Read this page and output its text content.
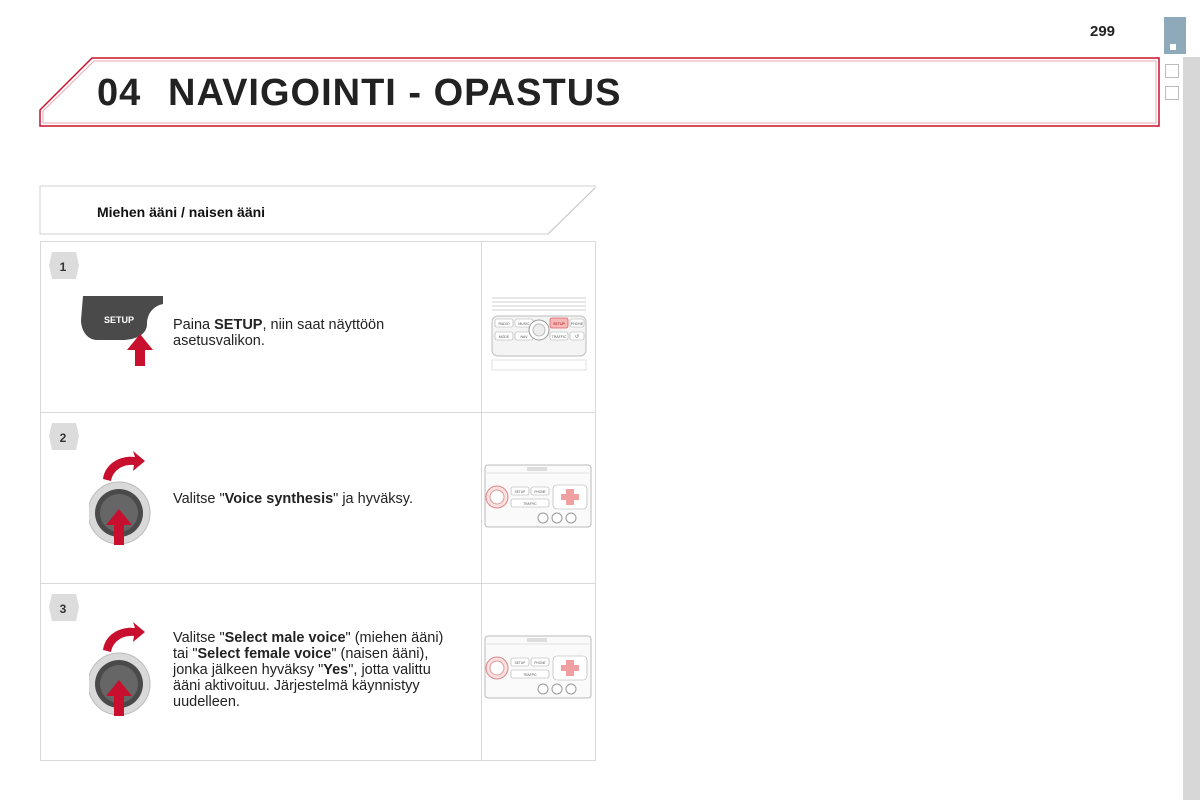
299
04 NAVIGOINTI - OPASTUS
Miehen ääni / naisen ääni
1
SETUP	Paina SETUP, niin saat näyttöön asetusvalikon.
RADIO	MUSIC	SETUP PHONE
MODE	NAV	TRAFFIC ↺
2
Valitse "Voice synthesis" ja hyväksy.	SETUP	PHONE
TRAFFIC
3
Valitse "Select male voice" (miehen ääni) tai "Select female voice" (naisen ääni), jonka jälkeen hyväksy "Yes", jotta valittu ääni aktivoituu. Järjestelmä käynnistyy uudelleen.
SETUP	PHONE
TRAFFIC
